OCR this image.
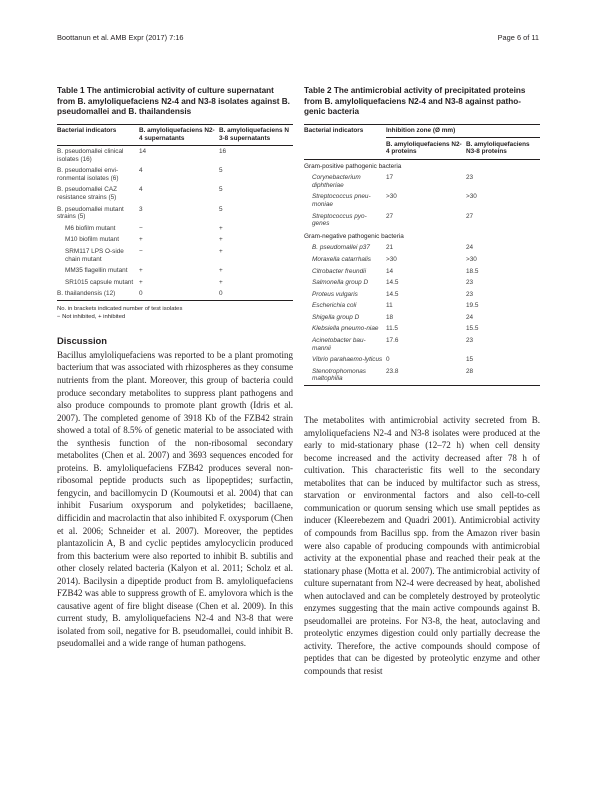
Boottanun et al. AMB Expr (2017) 7:16	Page 6 of 11
Table 1 The antimicrobial activity of culture supernatant from B. amyloliquefaciens N2-4 and N3-8 isolates against B. pseudomallei and B. thailandensis
Bacterial indicators	B. amyloliquefaciens N2-4 supernatants	B. amyloliquefaciens N 3-8 supernatants
B. pseudomallei clinical isolates (16)	14	16
B. pseudomallei envi-ronmental isolates (6)	4	5
B. pseudomallei CAZ resistance strains (5)	4	5
B. pseudomallei mutant strains (5)	3	5
M6 biofilm mutant	−	+
M10 biofilm mutant	+	+
SRM117 LPS O-side chain mutant	−	+
MM35 flagellin mutant	+	+
SR1015 capsule mutant	+	+
B. thailandensis (12)	0	0
No. in brackets indicated number of test isolates
− Not inhibited, + inhibited
Discussion

Bacillus amyloliquefaciens was reported to be a plant promoting bacterium that was associated with rhizospheres as they consume nutrients from the plant. Moreover, this group of bacteria could produce secondary metabolites to suppress plant pathogens and also produce compounds to promote plant growth (Idris et al. 2007). The completed genome of 3918 Kb of the FZB42 strain showed a total of 8.5% of genetic material to be associated with the synthesis function of the non-ribosomal secondary metabolites (Chen et al. 2007) and 3693 sequences encoded for proteins. B. amyloliquefaciens FZB42 produces several non-ribosomal peptide products such as lipopeptides; surfactin, fengycin, and bacillomycin D (Koumoutsi et al. 2004) that can inhibit Fusarium oxysporum and polyketides; bacillaene, difficidin and macrolactin that also inhibited F. oxysporum (Chen et al. 2006; Schneider et al. 2007). Moreover, the peptides plantazolicin A, B and cyclic peptides amylocyclicin produced from this bacterium were also reported to inhibit B. subtilis and other closely related bacteria (Kalyon et al. 2011; Scholz et al. 2014). Bacilysin a dipeptide product from B. amyloliquefaciens FZB42 was able to suppress growth of E. amylovora which is the causative agent of fire blight disease (Chen et al. 2009). In this current study, B. amyloliquefaciens N2-4 and N3-8 that were isolated from soil, negative for B. pseudomallei, could inhibit B. pseudomallei and a wide range of human pathogens.

Table 2 The antimicrobial activity of precipitated proteins from B. amyloliquefaciens N2-4 and N3-8 against patho-genic bacteria
Bacterial indicators	Inhibition zone (Ø mm)	
	B. amyloliquefaciens N2-4 proteins	B. amyloliquefaciens N3-8 proteins
Gram-positive pathogenic bacteria		
Corynebacterium diphtheriae	17	23
Streptococcus pneu-moniae	>30	>30
Streptococcus pyo-genes	27	27
Gram-negative pathogenic bacteria		
B. pseudomallei p37	21	24
Moraxella catarrhalis	>30	>30
Citrobacter freundii	14	18.5
Salmonella group D	14.5	23
Proteus vulgaris	14.5	23
Escherichia coli	11	19.5
Shigella group D	18	24
Klebsiella pneumo-niae	11.5	15.5
Acinetobacter bau-mannii	17.6	23
Vibrio parahaemo-lyticus	0	15
Stenotrophomonas maltophilia	23.8	28

The metabolites with antimicrobial activity secreted from B. amyloliquefaciens N2-4 and N3-8 isolates were produced at the early to mid-stationary phase (12–72 h) when cell density become increased and the activity decreased after 78 h of cultivation. This characteristic fits well to the secondary metabolites that can be induced by multifactor such as stress, starvation or environmental factors and also cell-to-cell communication or quorum sensing which use small peptides as inducer (Kleerebezem and Quadri 2001). Antimicrobial activity of compounds from Bacillus spp. from the Amazon river basin were also capable of producing compounds with antimicrobial activity at the exponential phase and reached their peak at the stationary phase (Motta et al. 2007). The antimicrobial activity of culture supernatant from N2-4 were decreased by heat, abolished when autoclaved and can be completely destroyed by proteolytic enzymes suggesting that the main active compounds against B. pseudomallei are proteins. For N3-8, the heat, autoclaving and proteolytic enzymes digestion could only partially decrease the activity. Therefore, the active compounds should compose of peptides that can be digested by proteolytic enzyme and other compounds that resist
